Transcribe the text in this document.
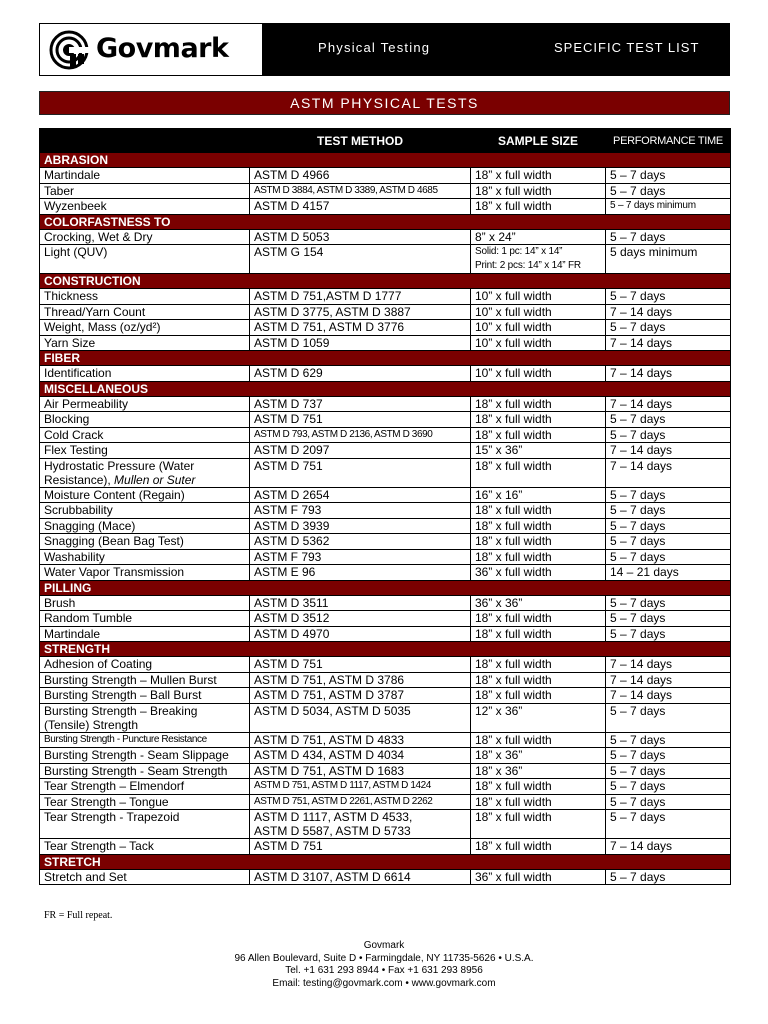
Govmark	Physical Testing	SPECIFIC TEST LIST
ASTM PHYSICAL TESTS
	TEST METHOD	SAMPLE SIZE	PERFORMANCE TIME
ABRASION			
Martindale	ASTM D 4966	18” x full width	5 – 7 days
Taber	ASTM D 3884, ASTM D 3389, ASTM D 4685	18” x full width	5 – 7 days
Wyzenbeek	ASTM D 4157	18” x full width	5 – 7 days minimum
COLORFASTNESS TO			
Crocking, Wet & Dry	ASTM D 5053	8” x 24”	5 – 7 days
Light (QUV)	ASTM G 154	Solid: 1 pc: 14” x 14”
Print: 2 pcs: 14” x 14” FR	5 days minimum
CONSTRUCTION			
Thickness	ASTM D 751,ASTM D 1777	10” x full width	5 – 7 days
Thread/Yarn Count	ASTM D 3775, ASTM D 3887	10” x full width	7 – 14 days
Weight, Mass (oz/yd²)	ASTM D 751, ASTM D 3776	10” x full width	5 – 7 days
Yarn Size	ASTM D 1059	10” x full width	7 – 14 days
FIBER			
Identification	ASTM D 629	10” x full width	7 – 14 days
MISCELLANEOUS			
Air Permeability	ASTM D 737	18” x full width	7 – 14 days
Blocking	ASTM D 751	18” x full width	5 – 7 days
Cold Crack	ASTM D 793, ASTM D 2136, ASTM D 3690	18” x full width	5 – 7 days
Flex Testing	ASTM D 2097	15” x 36”	7 – 14 days
Hydrostatic Pressure (Water
Resistance), Mullen or Suter	ASTM D 751	18” x full width	7 – 14 days
Moisture Content (Regain)	ASTM D 2654	16” x 16”	5 – 7 days
Scrubbability	ASTM F 793	18” x full width	5 – 7 days
Snagging (Mace)	ASTM D 3939	18” x full width	5 – 7 days
Snagging (Bean Bag Test)	ASTM D 5362	18” x full width	5 – 7 days
Washability	ASTM F 793	18” x full width	5 – 7 days
Water Vapor Transmission	ASTM E 96	36” x full width	14 – 21 days
PILLING			
Brush	ASTM D 3511	36” x 36”	5 – 7 days
Random Tumble	ASTM D 3512	18” x full width	5 – 7 days
Martindale	ASTM D 4970	18” x full width	5 – 7 days
STRENGTH			
Adhesion of Coating	ASTM D 751	18” x full width	7 – 14 days
Bursting Strength – Mullen Burst	ASTM D 751, ASTM D 3786	18” x full width	7 – 14 days
Bursting Strength – Ball Burst	ASTM D 751, ASTM D 3787	18” x full width	7 – 14 days
Bursting Strength – Breaking
(Tensile) Strength	ASTM D 5034, ASTM D 5035	12” x 36”	5 – 7 days
Bursting Strength - Puncture Resistance	ASTM D 751, ASTM D 4833	18” x full width	5 – 7 days
Bursting Strength - Seam Slippage	ASTM D 434, ASTM D 4034	18” x 36”	5 – 7 days
Bursting Strength - Seam Strength	ASTM D 751, ASTM D 1683	18” x 36”	5 – 7 days
Tear Strength – Elmendorf	ASTM D 751, ASTM D 1117, ASTM D 1424	18” x full width	5 – 7 days
Tear Strength – Tongue	ASTM D 751, ASTM D 2261, ASTM D 2262	18” x full width	5 – 7 days
Tear Strength - Trapezoid	ASTM D 1117, ASTM D 4533,
ASTM D 5587, ASTM D 5733	18” x full width	5 – 7 days
Tear Strength – Tack	ASTM D 751	18” x full width	7 – 14 days
STRETCH			
Stretch and Set	ASTM D 3107, ASTM D 6614	36” x full width	5 – 7 days
FR = Full repeat.
Govmark
96 Allen Boulevard, Suite D • Farmingdale, NY 11735-5626 • U.S.A.
Tel. +1 631 293 8944 • Fax +1 631 293 8956
Email: testing@govmark.com • www.govmark.com
